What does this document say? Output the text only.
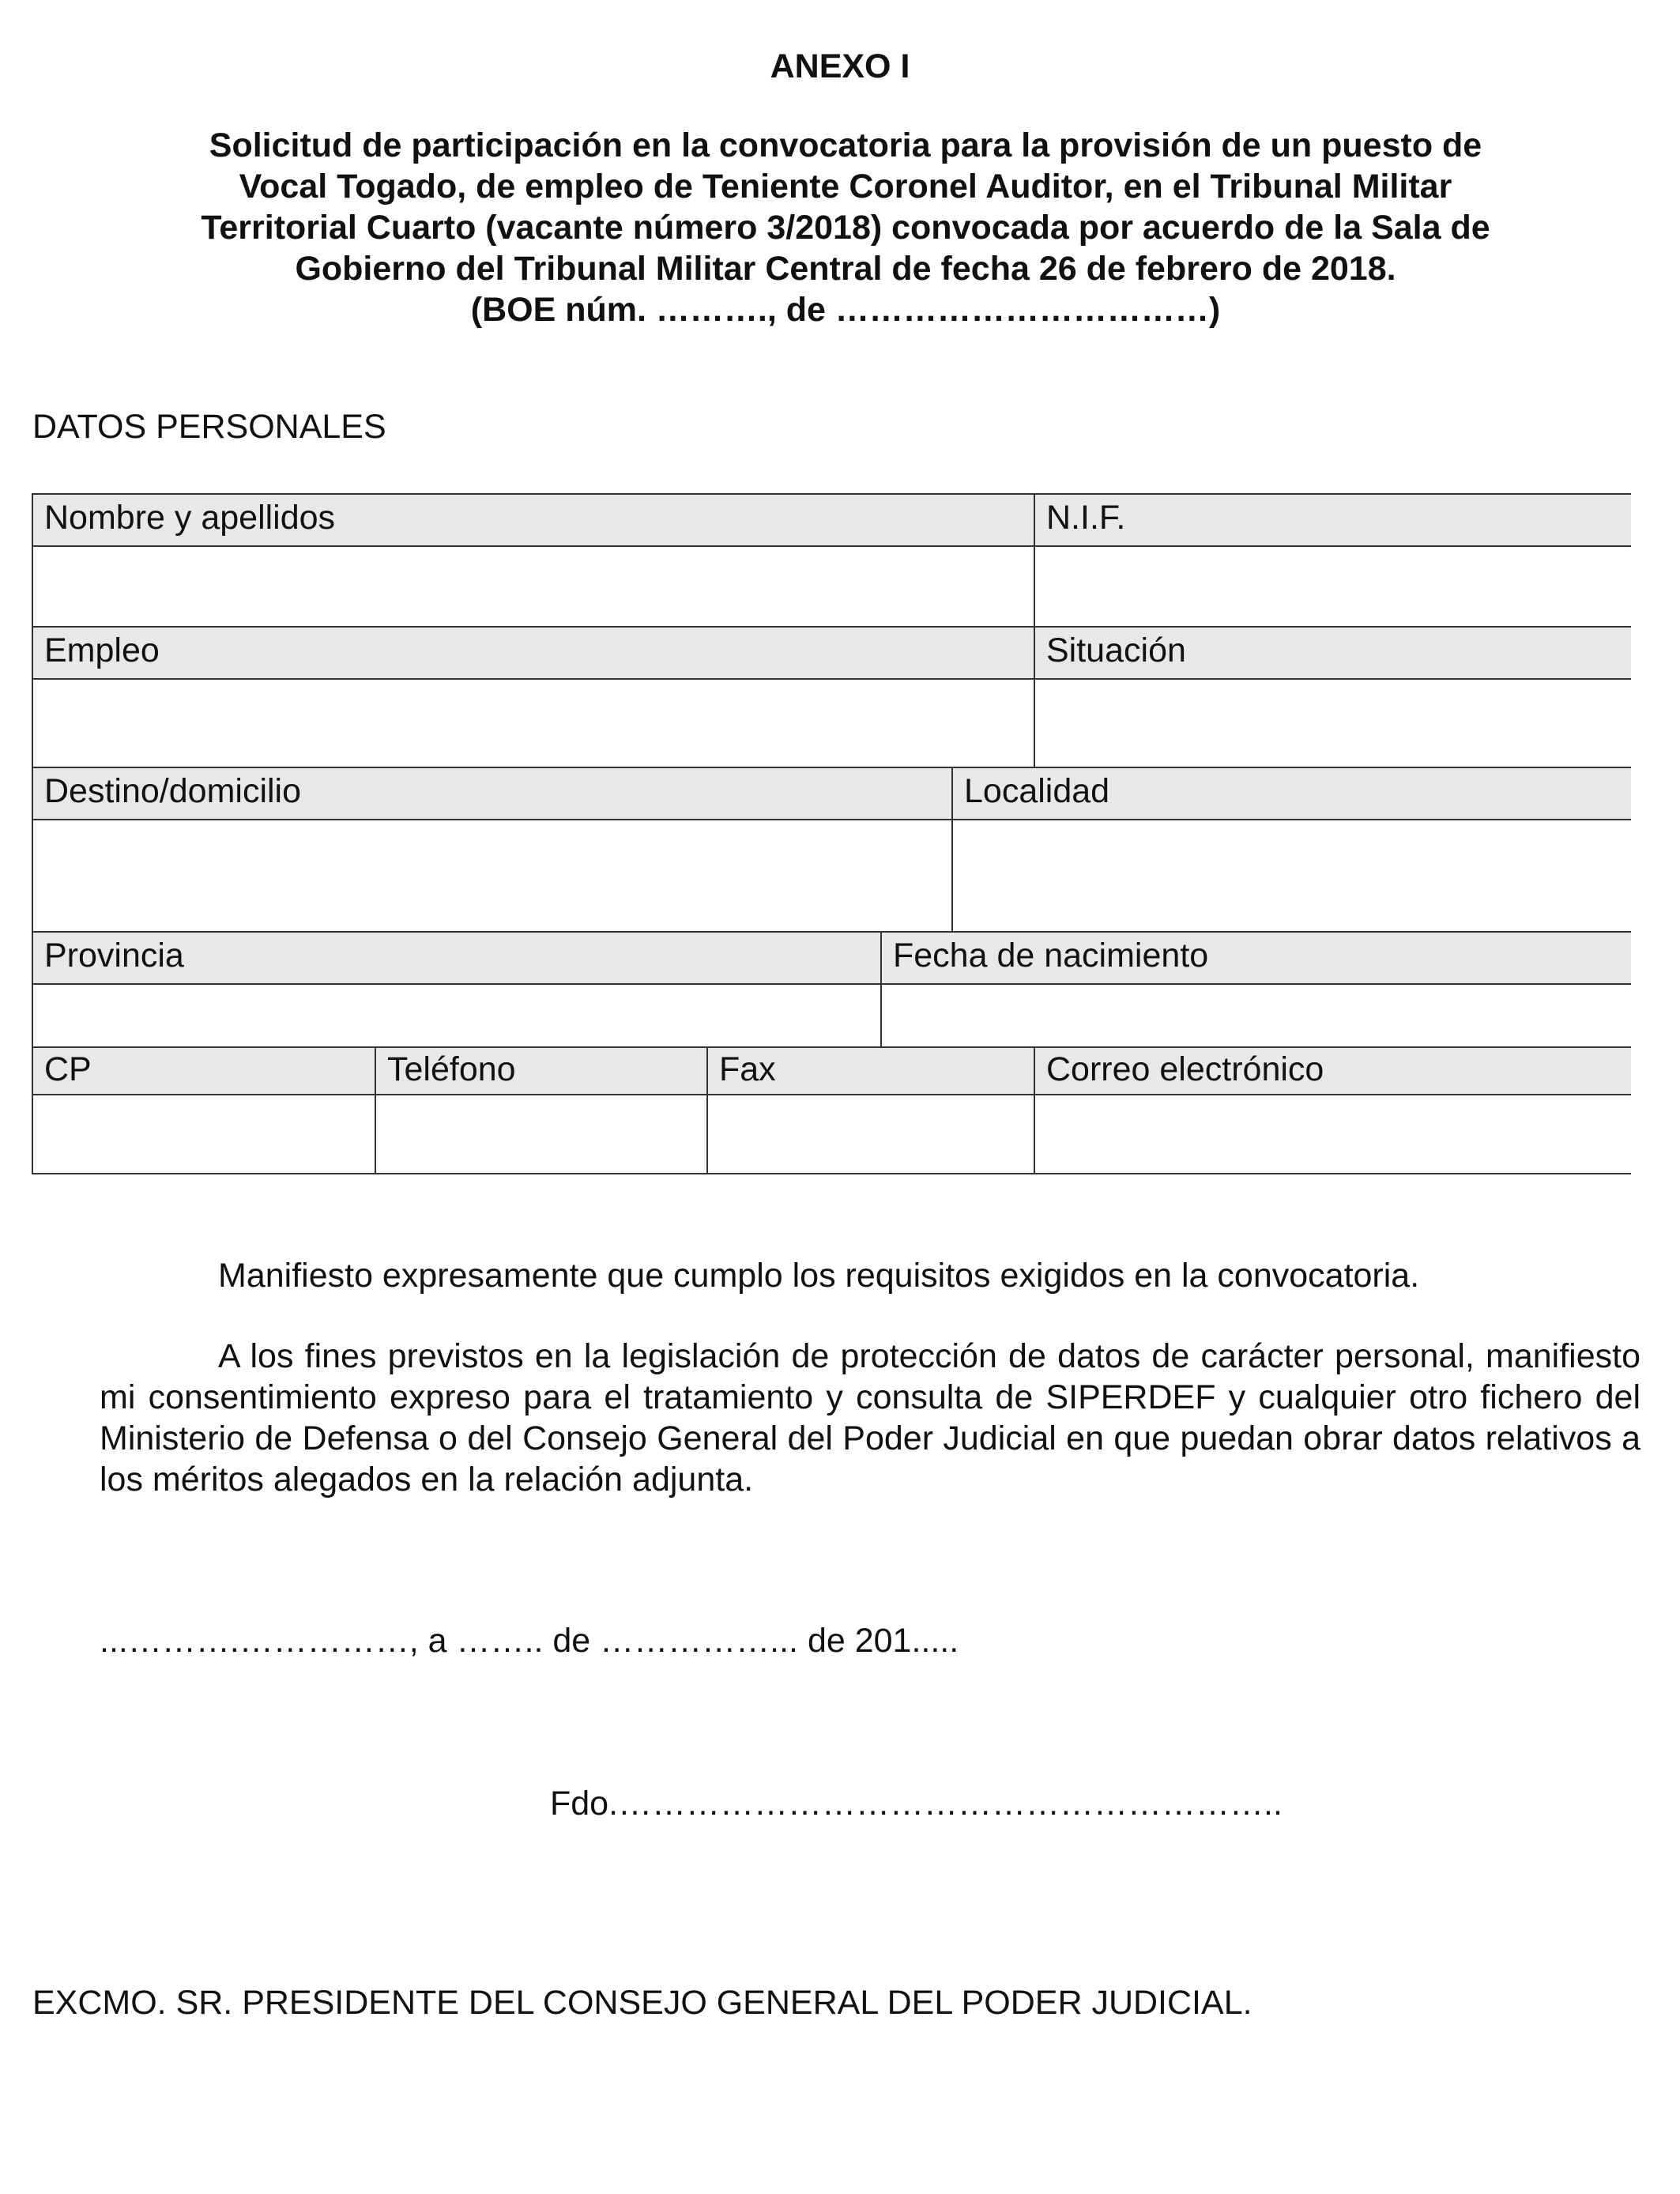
ANEXO I
Solicitud de participación en la convocatoria para la provisión de un puesto de
Vocal Togado, de empleo de Teniente Coronel Auditor, en el Tribunal Militar
Territorial Cuarto (vacante número 3/2018) convocada por acuerdo de la Sala de
Gobierno del Tribunal Militar Central de fecha 26 de febrero de 2018.
(BOE núm. ………., de ……………………………)
DATOS PERSONALES
Nombre y apellidos	N.I.F.
Empleo	Situación
Destino/domicilio	Localidad
Provincia	Fecha de nacimiento
CP	Teléfono	Fax	Correo electrónico
Manifiesto expresamente que cumplo los requisitos exigidos en la convocatoria.
A los fines previstos en la legislación de protección de datos de carácter personal, manifiesto mi consentimiento expreso para el tratamiento y consulta de SIPERDEF y cualquier otro fichero del Ministerio de Defensa o del Consejo General del Poder Judicial en que puedan obrar datos relativos a los méritos alegados en la relación adjunta.
...……….……………, a …….. de ……………... de 201.....
Fdo.…………………………………………………..
EXCMO. SR. PRESIDENTE DEL CONSEJO GENERAL DEL PODER JUDICIAL.
